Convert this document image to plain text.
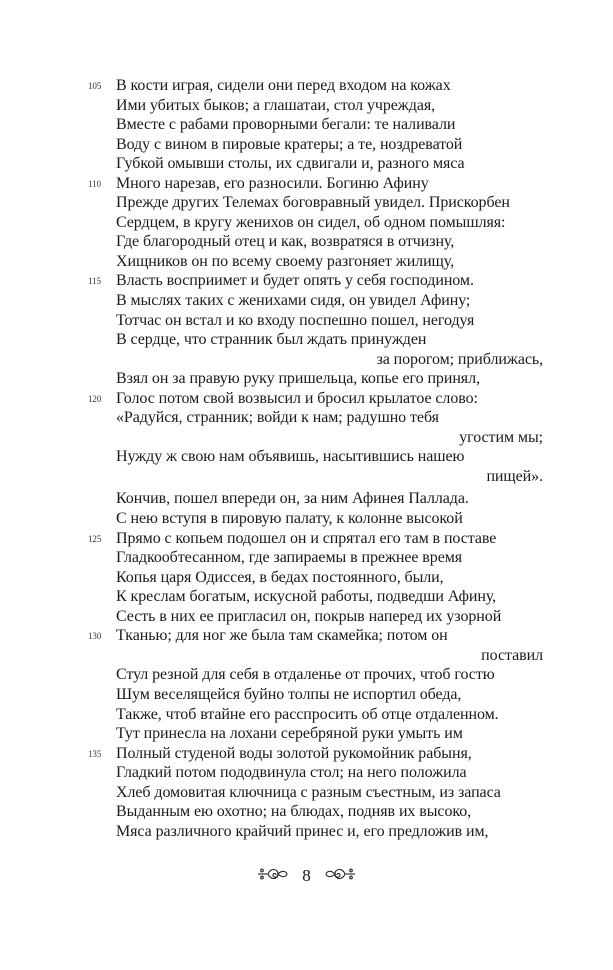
105 В кости играя, сидели они перед входом на кожах
Ими убитых быков; а глашатаи, стол учреждая,
Вместе с рабами проворными бегали: те наливали
Воду с вином в пировые кратеры; а те, ноздреватой
Губкой омывши столы, их сдвигали и, разного мяса
110 Много нарезав, его разносили. Богиню Афину
Прежде других Телемах боговравный увидел. Прискорбен
Сердцем, в кругу женихов он сидел, об одном помышляя:
Где благородный отец и как, возвратяся в отчизну,
Хищников он по всему своему разгоняет жилищу,
115 Власть восприимет и будет опять у себя господином.
В мыслях таких с женихами сидя, он увидел Афину;
Тотчас он встал и ко входу поспешно пошел, негодуя
В сердце, что странник был ждать принужден
за порогом; приближась,
Взял он за правую руку пришельца, копье его принял,
120 Голос потом свой возвысил и бросил крылатое слово:
«Радуйся, странник; войди к нам; радушно тебя
угостим мы;
Нужду ж свою нам объявишь, насытившись нашею
пищей».
Кончив, пошел впереди он, за ним Афинея Паллада.
С нею вступя в пировую палату, к колонне высокой
125 Прямо с копьем подошел он и спрятал его там в поставе
Гладкообтесанном, где запираемы в прежнее время
Копья царя Одиссея, в бедах постоянного, были,
К креслам богатым, искусной работы, подведши Афину,
Сесть в них ее пригласил он, покрыв наперед их узорной
130 Тканью; для ног же была там скамейка; потом он
поставил
Стул резной для себя в отдаленье от прочих, чтоб гостю
Шум веселящейся буйно толпы не испортил обеда,
Также, чтоб втайне его расспросить об отце отдаленном.
Тут принесла на лохани серебряной руки умыть им
135 Полный студеной воды золотой рукомойник рабыня,
Гладкий потом пододвинула стол; на него положила
Хлеб домовитая ключница с разным съестным, из запаса
Выданным ею охотно; на блюдах, подняв их высоко,
Мяса различного крайчий принес и, его предложив им,
8
